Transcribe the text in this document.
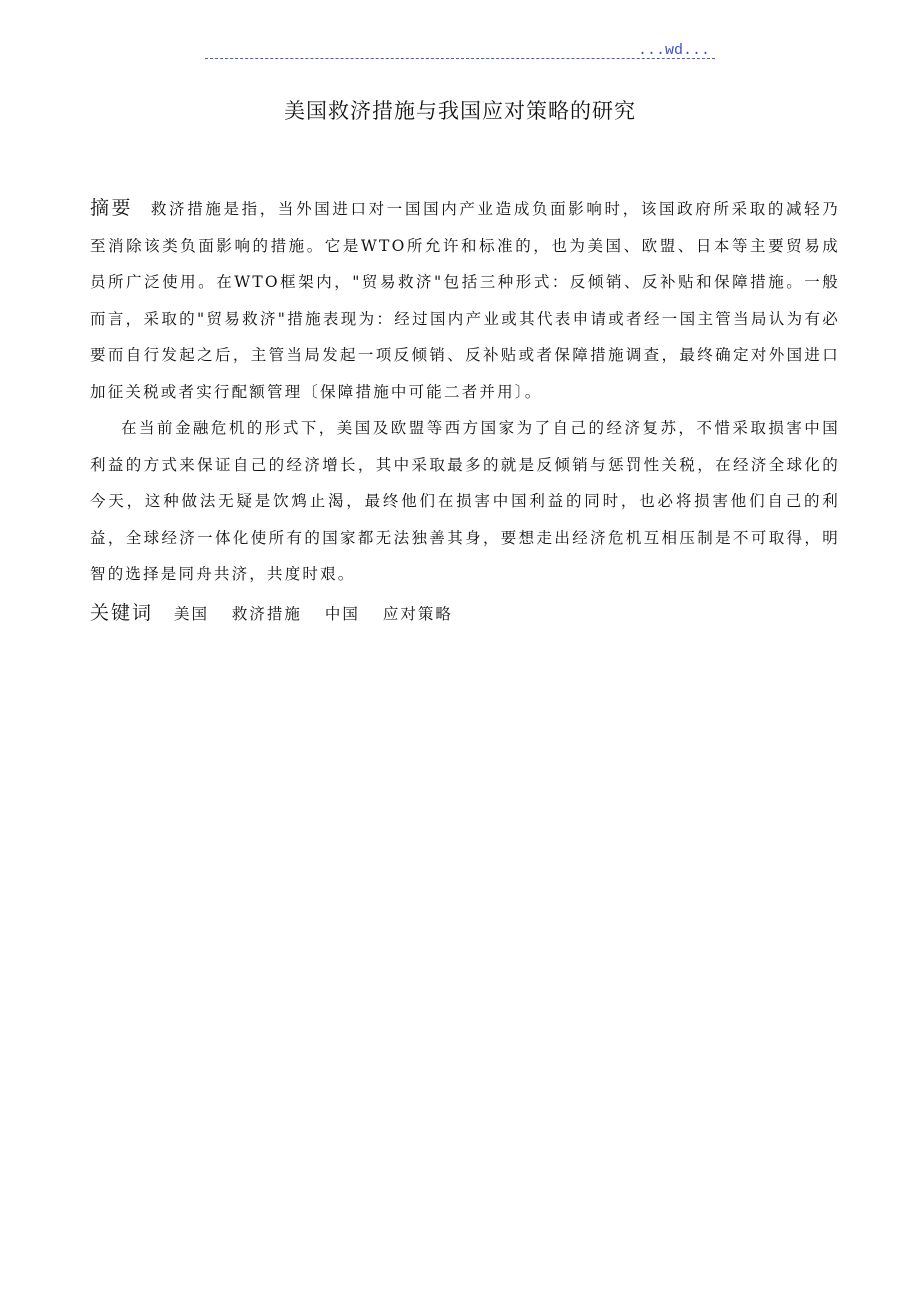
...wd...
美国救济措施与我国应对策略的研究

摘要 救济措施是指，当外国进口对一国国内产业造成负面影响时，该国政府所采取的减轻乃至消除该类负面影响的措施。它是WTO所允许和标准的，也为美国、欧盟、日本等主要贸易成员所广泛使用。在WTO框架内，"贸易救济"包括三种形式：反倾销、反补贴和保障措施。一般而言，采取的"贸易救济"措施表现为：经过国内产业或其代表申请或者经一国主管当局认为有必要而自行发起之后，主管当局发起一项反倾销、反补贴或者保障措施调查，最终确定对外国进口加征关税或者实行配额管理〔保障措施中可能二者并用〕。

在当前金融危机的形式下，美国及欧盟等西方国家为了自己的经济复苏，不惜采取损害中国利益的方式来保证自己的经济增长，其中采取最多的就是反倾销与惩罚性关税，在经济全球化的今天，这种做法无疑是饮鸩止渴，最终他们在损害中国利益的同时，也必将损害他们自己的利益，全球经济一体化使所有的国家都无法独善其身，要想走出经济危机互相压制是不可取得，明智的选择是同舟共济，共度时艰。

关键词 美国 救济措施 中国 应对策略
